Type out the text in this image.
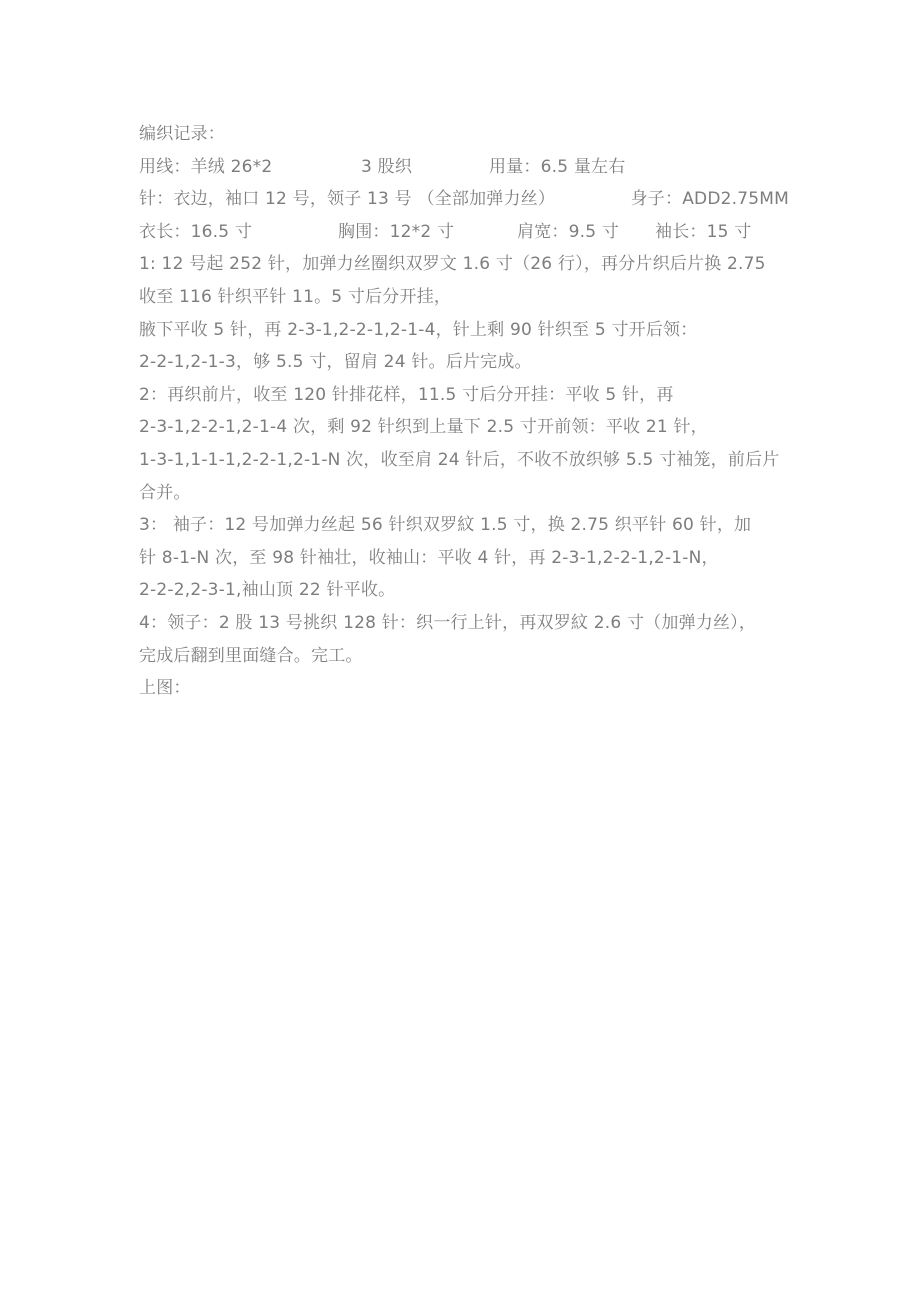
编织记录：
用线：羊绒 26*2	3 股织	用量：6.5 量左右
针：衣边，袖口 12 号，领子 13 号 （全部加弹力丝）	身子：ADD2.75MM
衣长：16.5 寸	胸围：12*2 寸	肩宽：9.5 寸	袖长：15 寸
1: 12 号起 252 针，加弹力丝圈织双罗文 1.6 寸（26 行），再分片织后片换 2.75
收至 116 针织平针 11。5 寸后分开挂，
腋下平收 5 针，再 2-3-1,2-2-1,2-1-4，针上剩 90 针织至 5 寸开后领：
2-2-1,2-1-3，够 5.5 寸，留肩 24 针。后片完成。
2：再织前片，收至 120 针排花样，11.5 寸后分开挂：平收 5 针，再
2-3-1,2-2-1,2-1-4 次，剩 92 针织到上量下 2.5 寸开前领：平收 21 针，
1-3-1,1-1-1,2-2-1,2-1-N 次，收至肩 24 针后，不收不放织够 5.5 寸袖笼，前后片
合并。
3： 袖子：12 号加弹力丝起 56 针织双罗紋 1.5 寸，换 2.75 织平针 60 针，加
针 8-1-N 次，至 98 针袖壮，收袖山：平收 4 针，再 2-3-1,2-2-1,2-1-N，
2-2-2,2-3-1,袖山顶 22 针平收。
4：领子：2 股 13 号挑织 128 针：织一行上针，再双罗紋 2.6 寸（加弹力丝），
完成后翻到里面缝合。完工。
上图：
